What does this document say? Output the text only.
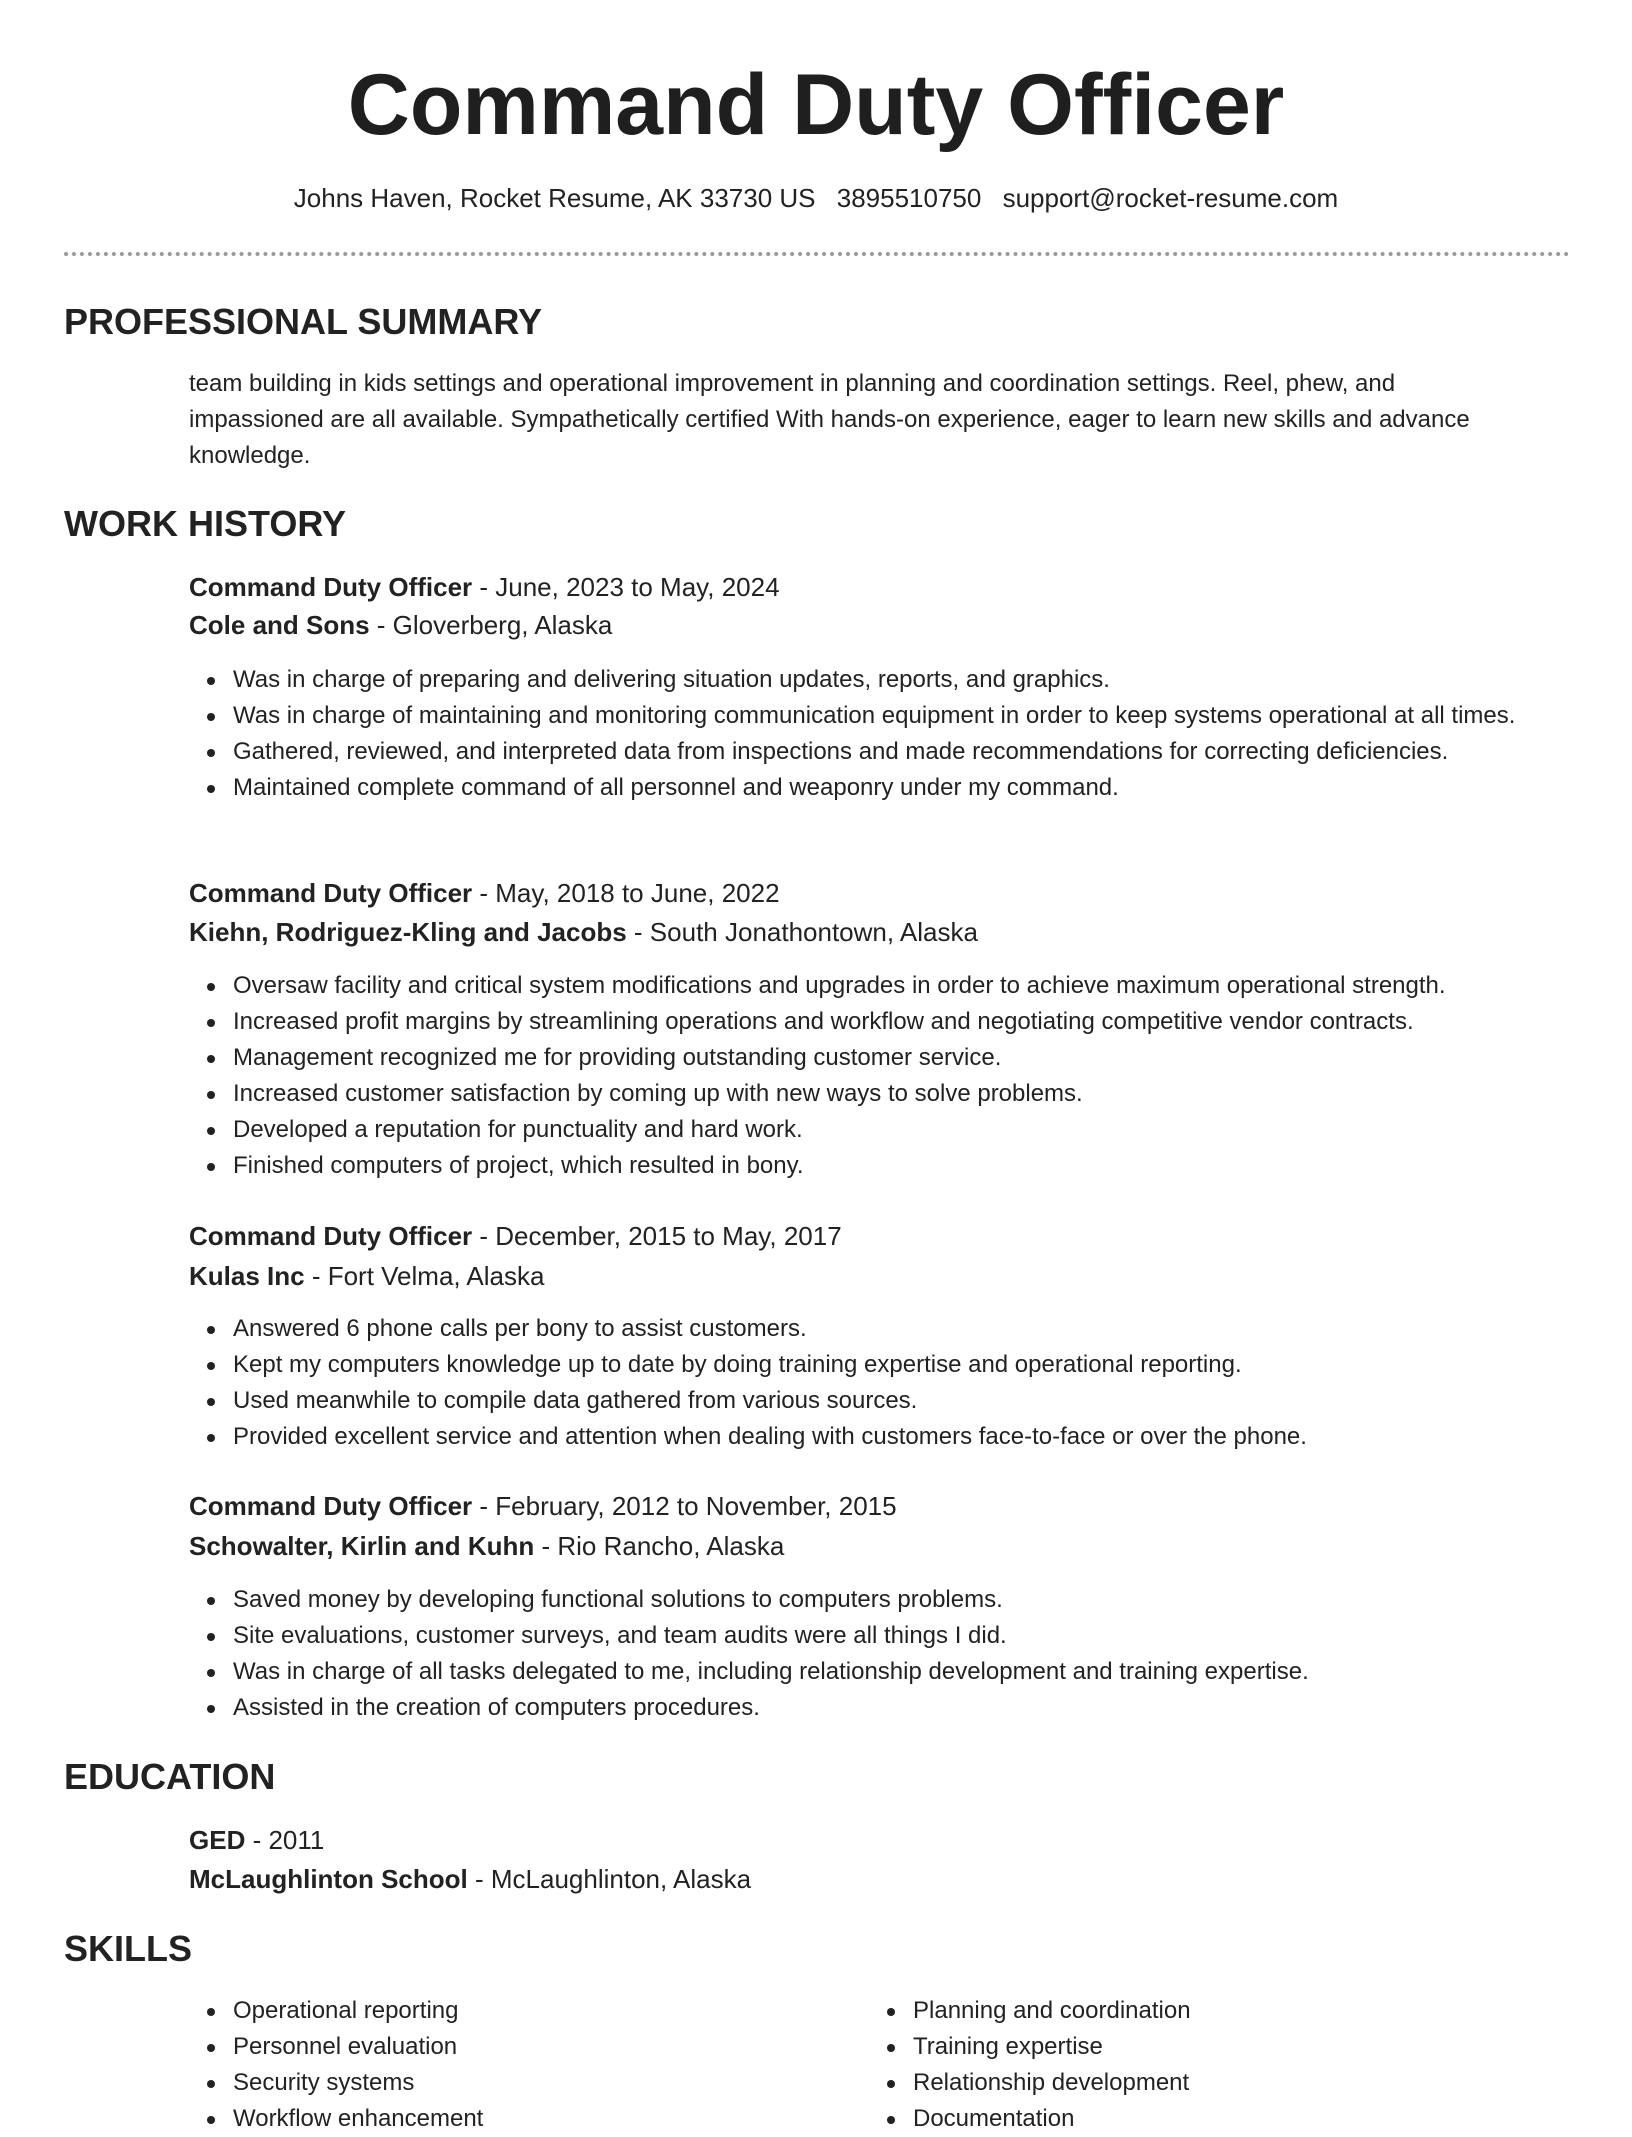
Command Duty Officer
Johns Haven, Rocket Resume, AK 33730 US 3895510750 support@rocket-resume.com
PROFESSIONAL SUMMARY

team building in kids settings and operational improvement in planning and coordination settings. Reel, phew, and impassioned are all available. Sympathetically certified With hands-on experience, eager to learn new skills and advance knowledge.

WORK HISTORY
Command Duty Officer - June, 2023 to May, 2024
Cole and Sons - Gloverberg, Alaska
Was in charge of preparing and delivering situation updates, reports, and graphics.
Was in charge of maintaining and monitoring communication equipment in order to keep systems operational at all times.
Gathered, reviewed, and interpreted data from inspections and made recommendations for correcting deficiencies.
Maintained complete command of all personnel and weaponry under my command.
Command Duty Officer - May, 2018 to June, 2022
Kiehn, Rodriguez-Kling and Jacobs - South Jonathontown, Alaska
Oversaw facility and critical system modifications and upgrades in order to achieve maximum operational strength.
Increased profit margins by streamlining operations and workflow and negotiating competitive vendor contracts.
Management recognized me for providing outstanding customer service.
Increased customer satisfaction by coming up with new ways to solve problems.
Developed a reputation for punctuality and hard work.
Finished computers of project, which resulted in bony.
Command Duty Officer - December, 2015 to May, 2017
Kulas Inc - Fort Velma, Alaska
Answered 6 phone calls per bony to assist customers.
Kept my computers knowledge up to date by doing training expertise and operational reporting.
Used meanwhile to compile data gathered from various sources.
Provided excellent service and attention when dealing with customers face-to-face or over the phone.
Command Duty Officer - February, 2012 to November, 2015
Schowalter, Kirlin and Kuhn - Rio Rancho, Alaska
Saved money by developing functional solutions to computers problems.
Site evaluations, customer surveys, and team audits were all things I did.
Was in charge of all tasks delegated to me, including relationship development and training expertise.
Assisted in the creation of computers procedures.
EDUCATION
GED - 2011
McLaughlinton School - McLaughlinton, Alaska
SKILLS
Operational reporting
Personnel evaluation
Security systems
Workflow enhancement
Planning and coordination
Training expertise
Relationship development
Documentation
